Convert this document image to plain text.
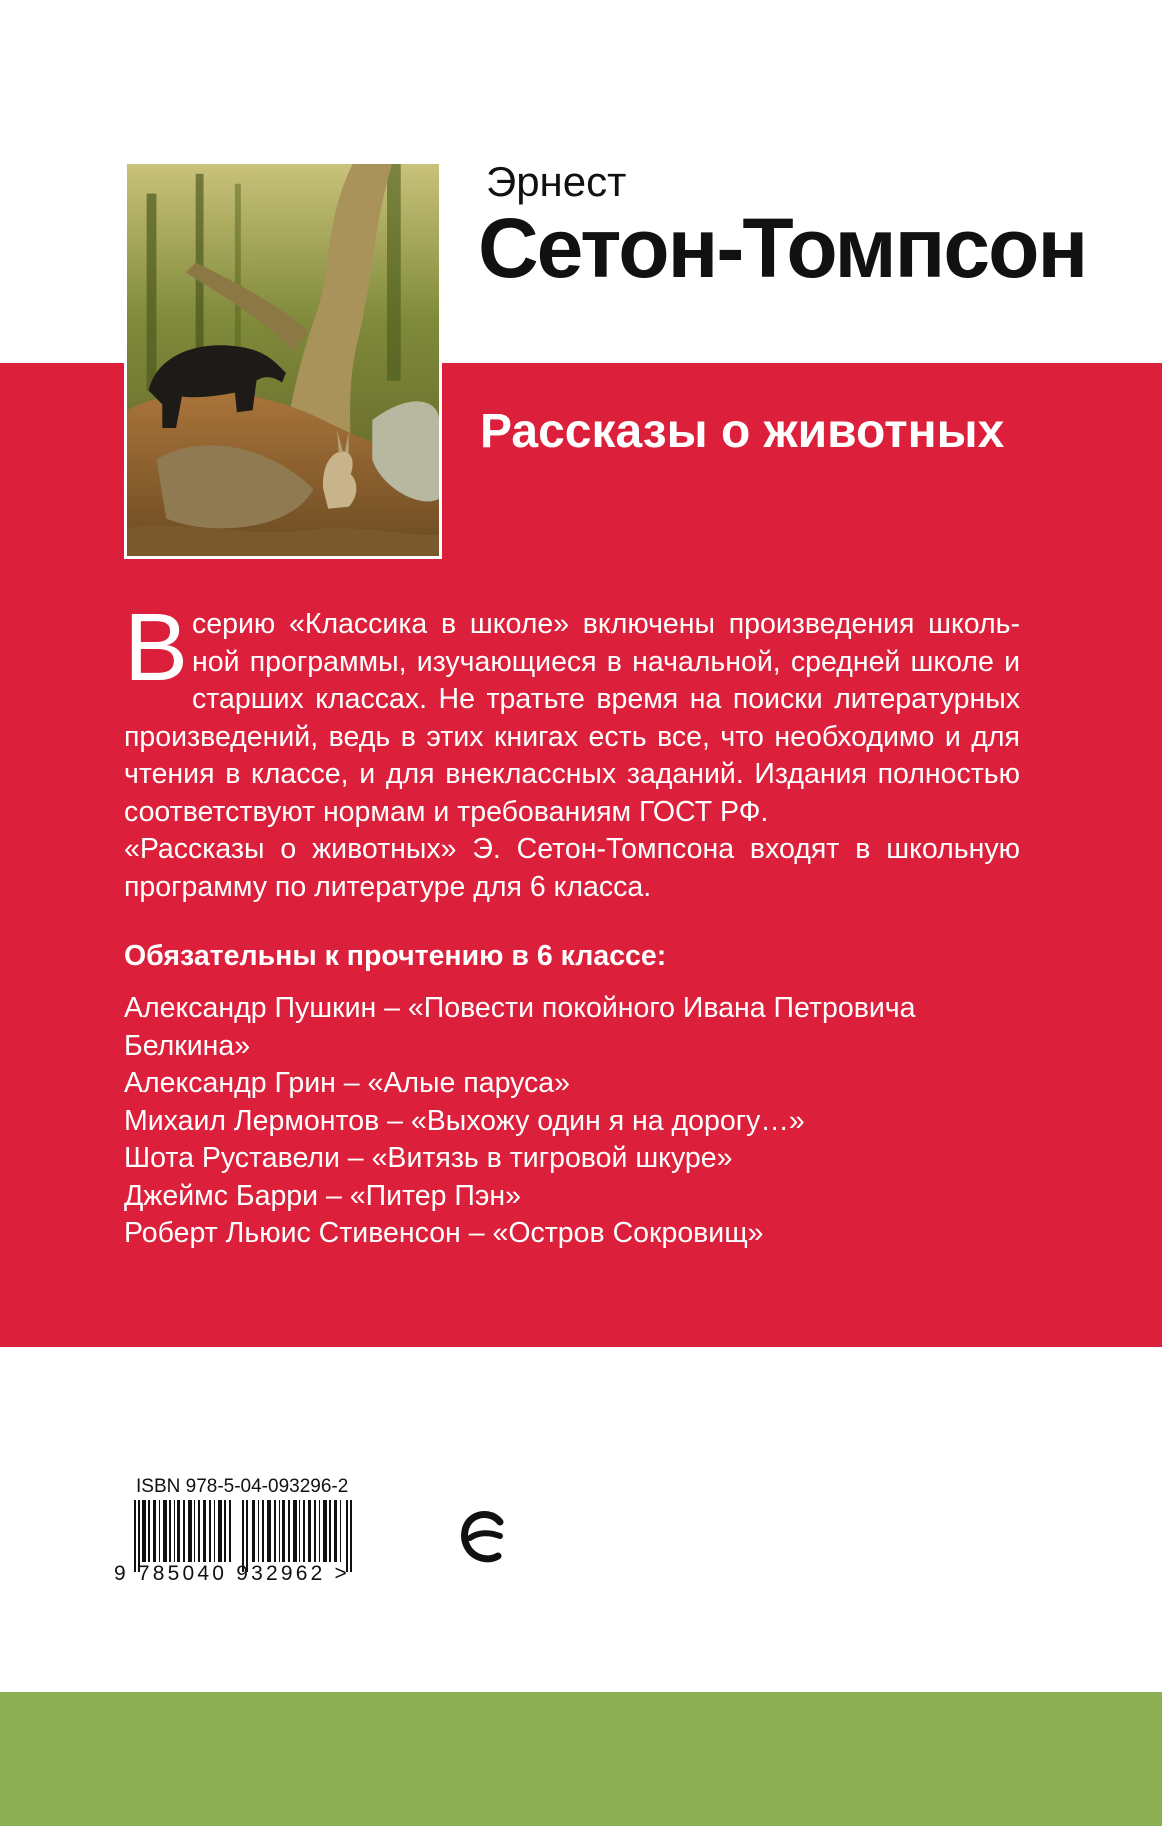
Эрнест
Сетон-Томпсон
Рассказы о животных
В серию «Классика в школе» включены произведения школь-ной программы, изучающиеся в начальной, средней школе и старших классах. Не тратьте время на поиски литературных произведений, ведь в этих книгах есть все, что необходимо и для чтения в классе, и для внеклассных заданий. Издания полностью соответствуют нормам и требованиям ГОСТ РФ.

«Рассказы о животных» Э. Сетон-Томпсона входят в школьную программу по литературе для 6 класса.

Обязательны к прочтению в 6 классе:
Александр Пушкин – «Повести покойного Ивана Петровича Белкина»
Александр Грин – «Алые паруса»
Михаил Лермонтов – «Выхожу один я на дорогу…»
Шота Руставели – «Витязь в тигровой шкуре»
Джеймс Барри – «Питер Пэн»
Роберт Льюис Стивенсон – «Остров Сокровищ»
ISBN 978-5-04-093296-2
9 785040 932962 >
